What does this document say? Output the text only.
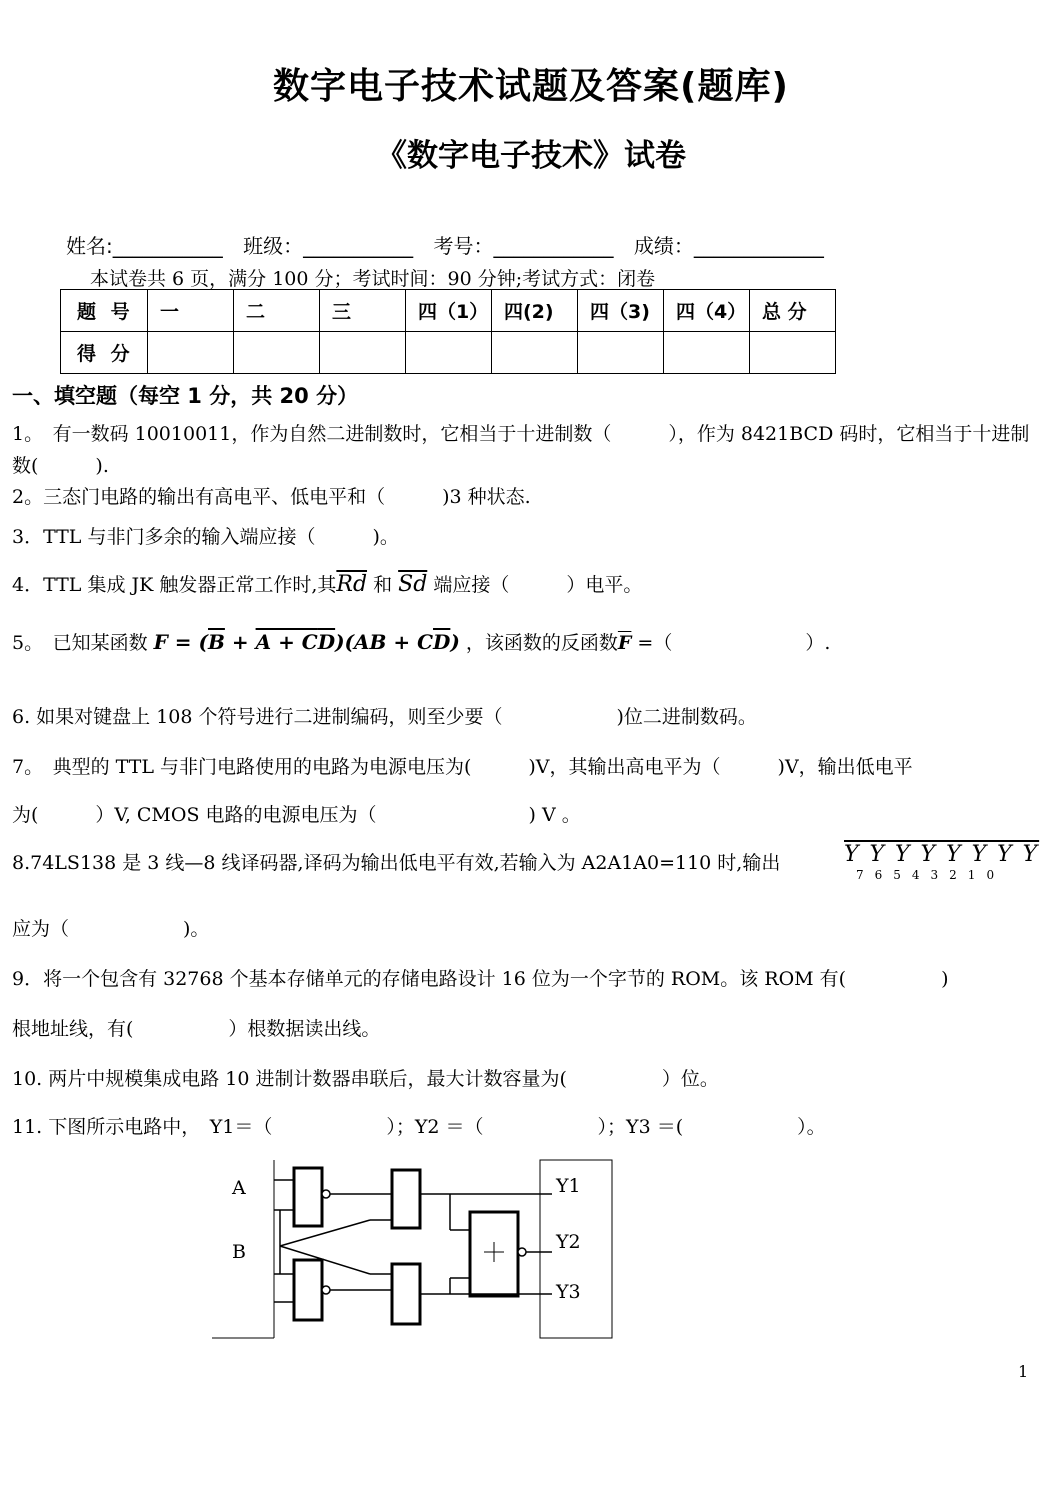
数字电子技术试题及答案(题库)
《数字电子技术》试卷
姓名:___________ 班级：___________ 考号：____________ 成绩：_____________
本试卷共 6 页，满分 100 分；考试时间：90 分钟;考试方式：闭卷
题 号	一	二	三	四（1）	四(2)	四（3)	四（4）	总 分
得 分								
一、填空题（每空 1 分，共 20 分）
1。　有一数码 10010011，作为自然二进制数时，它相当于十进制数（　　　），作为 8421BCD 码时，它相当于十进制数(　　　).
2。三态门电路的输出有高电平、低电平和（　　　)3 种状态.
3．TTL 与非门多余的输入端应接（　　　)。
4．TTL 集成 JK 触发器正常工作时,其$\overline{Rd}$ 和 $\overline{Sd}$ 端应接（　　　）电平。
5。　已知某函数 $F = (\overline{B} + A + CD)(AB + C\overline{D})$ ，该函数的反函数$\overline{F}$ =（　　　　　　　）.
6. 如果对键盘上 108 个符号进行二进制编码，则至少要（　　　　　　)位二进制数码。
7。　典型的 TTL 与非门电路使用的电路为电源电压为(　　　)V，其输出高电平为（　　　)V，输出低电平
为(　　　）V, CMOS 电路的电源电压为（　　　　　　　　) V 。
8.74LS138 是 3 线—8 线译码器,译码为输出低电平有效,若输入为 A2A1A0=110 时,输出	Y Y Y Y Y Y Y Y
76543210
应为（　　　　　　)。
9．将一个包含有 32768 个基本存储单元的存储电路设计 16 位为一个字节的 ROM。该 ROM 有(　　　　　)
根地址线，有(　　　　　）根数据读出线。
10. 两片中规模集成电路 10 进制计数器串联后，最大计数容量为(　　　　　）位。
11. 下图所示电路中，　Y1＝（　　　　　　）；Y2 ＝（　　　　　　）；Y3 ＝(　　　　　　）。
A
B
Y1
Y2
Y3
1
